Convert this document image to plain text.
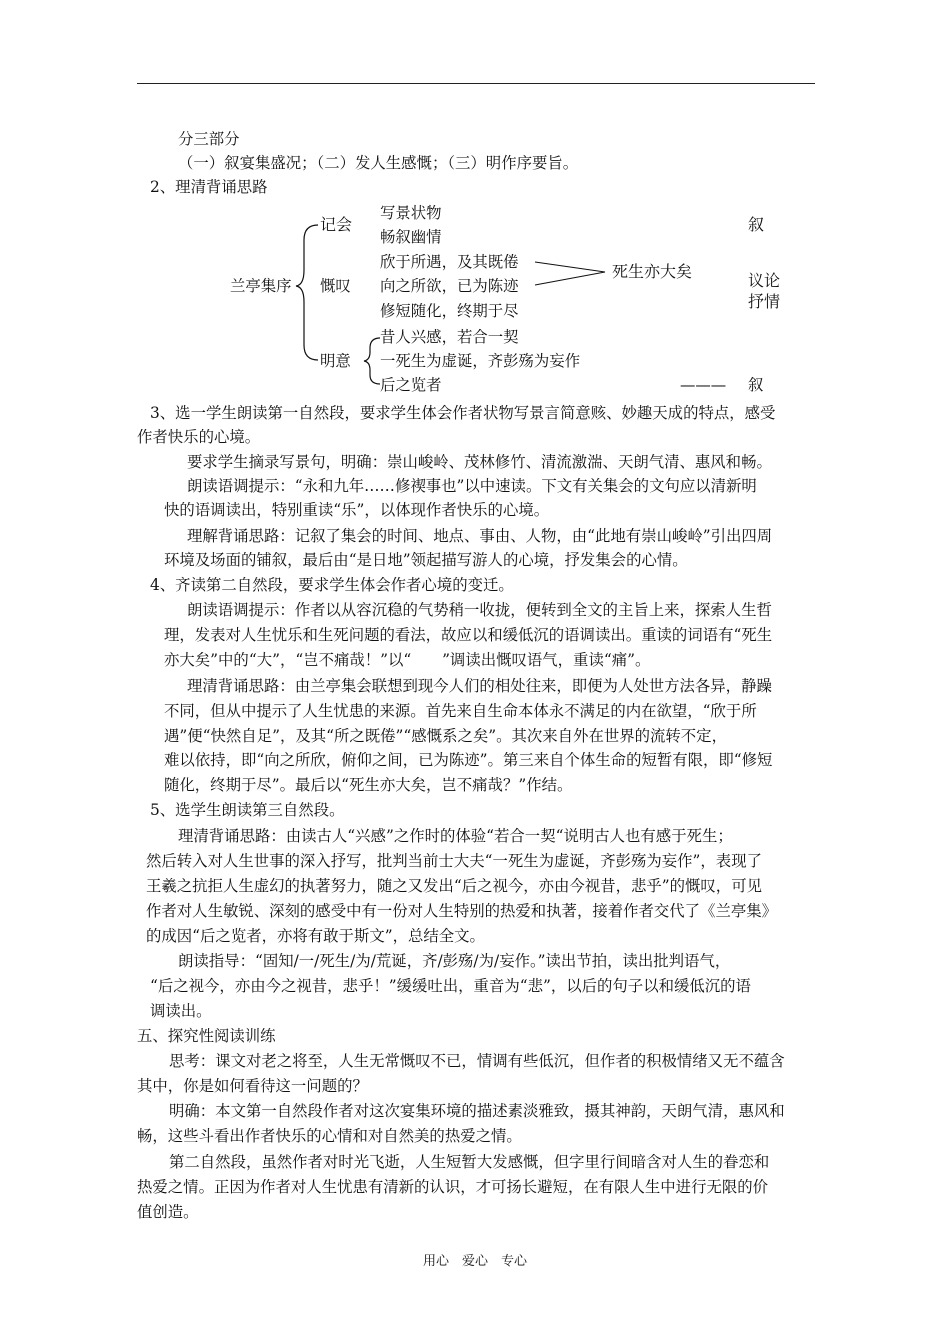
分三部分
（一）叙宴集盛况；（二）发人生感慨；（三）明作序要旨。
2、理清背诵思路
兰亭集序
记会
慨叹
明意
写景状物
畅叙幽情
欣于所遇，及其既倦
向之所欲，已为陈迹
修短随化，终期于尽
昔人兴感，若合一契
一死生为虚诞，齐彭殇为妄作
后之览者
死生亦大矣
叙
议论
抒情
——— 叙
3、选一学生朗读第一自然段，要求学生体会作者状物写景言简意赅、妙趣天成的特点，感受
作者快乐的心境。
要求学生摘录写景句，明确：崇山峻岭、茂林修竹、清流激湍、天朗气清、惠风和畅。
朗读语调提示：“永和九年……修禊事也”以中速读。下文有关集会的文句应以清新明
快的语调读出，特别重读“乐”，以体现作者快乐的心境。
理解背诵思路：记叙了集会的时间、地点、事由、人物，由“此地有崇山峻岭”引出四周
环境及场面的铺叙，最后由“是日地”领起描写游人的心境，抒发集会的心情。
4、齐读第二自然段，要求学生体会作者心境的变迁。
朗读语调提示：作者以从容沉稳的气势稍一收拢，便转到全文的主旨上来，探索人生哲
理，发表对人生忧乐和生死问题的看法，故应以和缓低沉的语调读出。重读的词语有“死生
亦大矣”中的“大”，“岂不痛哉！”以“　　”调读出慨叹语气，重读“痛”。
理清背诵思路：由兰亭集会联想到现今人们的相处往来，即便为人处世方法各异，静躁
不同，但从中提示了人生忧患的来源。首先来自生命本体永不满足的内在欲望，“欣于所
遇”便“快然自足”，及其“所之既倦”“感慨系之矣”。其次来自外在世界的流转不定，
难以依持，即“向之所欣，俯仰之间，已为陈迹”。第三来自个体生命的短暂有限，即“修短
随化，终期于尽”。最后以“死生亦大矣，岂不痛哉？”作结。
5、选学生朗读第三自然段。
理清背诵思路：由读古人“兴感”之作时的体验“若合一契“说明古人也有感于死生；
然后转入对人生世事的深入抒写，批判当前士大夫“一死生为虚诞，齐彭殇为妄作”，表现了
王羲之抗拒人生虚幻的执著努力，随之又发出“后之视今，亦由今视昔，悲乎”的慨叹，可见
作者对人生敏锐、深刻的感受中有一份对人生特别的热爱和执著，接着作者交代了《兰亭集》
的成因“后之览者，亦将有敢于斯文”，总结全文。
朗读指导：“固知/一/死生/为/荒诞，齐/彭殇/为/妄作。”读出节拍，读出批判语气，
“后之视今，亦由今之视昔，悲乎！”缓缓吐出，重音为“悲”，以后的句子以和缓低沉的语
调读出。
五、探究性阅读训练
思考：课文对老之将至，人生无常慨叹不已，情调有些低沉，但作者的积极情绪又无不蕴含
其中，你是如何看待这一问题的？
明确：本文第一自然段作者对这次宴集环境的描述素淡雅致，摄其神韵，天朗气清，惠风和
畅，这些斗看出作者快乐的心情和对自然美的热爱之情。
第二自然段，虽然作者对时光飞逝，人生短暂大发感慨，但字里行间暗含对人生的眷恋和
热爱之情。正因为作者对人生忧患有清新的认识，才可扬长避短，在有限人生中进行无限的价
值创造。
用心　爱心　专心
